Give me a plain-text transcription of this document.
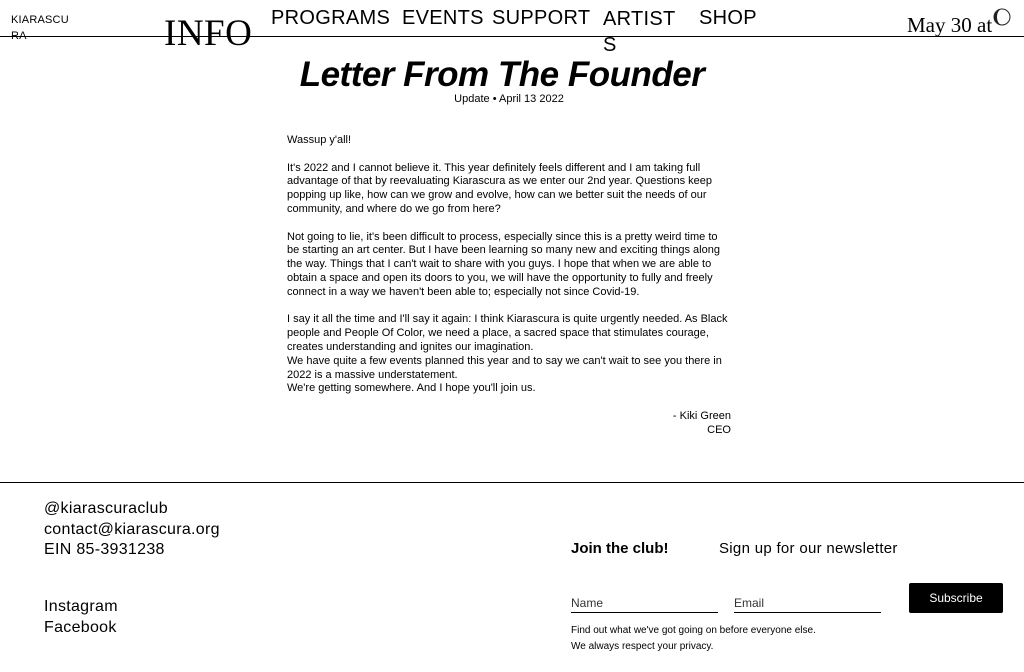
KIARASCURA	INFO PROGRAMS EVENTS SUPPORT ARTISTS
SHOP	May 30 at
Letter From The Founder
Update • April 13 2022

Wassup y'all!

It's 2022 and I cannot believe it. This year definitely feels different and I am taking full advantage of that by reevaluating Kiarascura as we enter our 2nd year. Questions keep popping up like, how can we grow and evolve, how can we better suit the needs of our community, and where do we go from here?

Not going to lie, it's been difficult to process, especially since this is a pretty weird time to be starting an art center. But I have been learning so many new and exciting things along the way. Things that I can't wait to share with you guys. I hope that when we are able to obtain a space and open its doors to you, we will have the opportunity to fully and freely connect in a way we haven't been able to; especially not since Covid-19.

I say it all the time and I'll say it again: I think Kiarascura is quite urgently needed. As Black people and People Of Color, we need a place, a sacred space that stimulates courage, creates understanding and ignites our imagination.

We have quite a few events planned this year and to say we can't wait to see you there in 2022 is a massive understatement.

We're getting somewhere. And I hope you'll join us.

- Kiki Green
CEO
@kiarascuraclub
contact@kiarascura.org
EIN 85-3931238
Instagram
Facebook
Join the club!	Sign up for our newsletter
Name
Email
Subscribe
Find out what we've got going on before everyone else.
We always respect your privacy.
